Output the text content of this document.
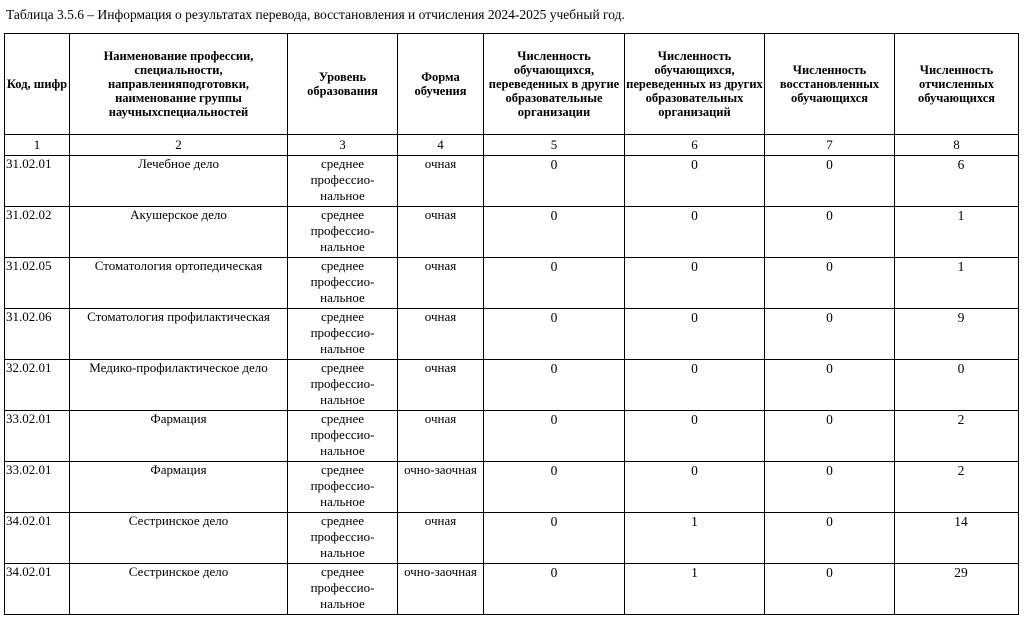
Таблица 3.5.6 – Информация о результатах перевода, восстановления и отчисления 2024-2025 учебный год.
Код, шифр	Наименование профессии, специальности, направленияподготовки, наименование группы научныхспециальностей	Уровень образования	Форма обучения	Численность обучающихся, переведенных в другие образовательные организации	Численность обучающихся, переведенных из других образовательных организаций	Численность восстановленных обучающихся	Численность отчисленных обучающихся
1	2	3	4	5	6	7	8
31.02.01	Лечебное дело	среднее профессио-нальное	очная	0	0	0	6
31.02.02	Акушерское дело	среднее профессио-нальное	очная	0	0	0	1
31.02.05	Стоматология ортопедическая	среднее профессио-нальное	очная	0	0	0	1
31.02.06	Стоматология профилактическая	среднее профессио-нальное	очная	0	0	0	9
32.02.01	Медико-профилактическое дело	среднее профессио-нальное	очная	0	0	0	0
33.02.01	Фармация	среднее профессио-нальное	очная	0	0	0	2
33.02.01	Фармация	среднее профессио-нальное	очно-заочная	0	0	0	2
34.02.01	Сестринское дело	среднее профессио-нальное	очная	0	1	0	14
34.02.01	Сестринское дело	среднее профессио-нальное	очно-заочная	0	1	0	29
